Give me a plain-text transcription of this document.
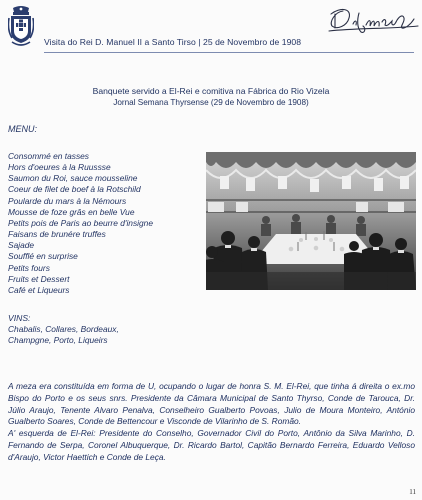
Visita do Rei D. Manuel II a Santo Tirso | 25 de Novembro de 1908
Banquete servido a El-Rei e comitiva na Fábrica do Rio Vizela
Jornal Semana Thyrsense (29 de Novembro de 1908)
MENU:
Consommé en tasses
Hors d'oeures à la Ruussse
Saumon du Roi, sauce mousseline
Coeur de filet de boef à la Rotschild
Poularde du mars à la Némours
Mousse de foze grâs en belle Vue
Petits pois de Paris ao beurre d'insigne
Faisans de brunére truffes
Sajade
Soufflé en surprise
Petits fours
Fruits et Dessert
Café et Liqueurs
VINS:
Chabalis, Collares, Bordeaux,
Champgne, Porto, Liqueirs
A meza era constituída em forma de U, ocupando o lugar de honra S. M. El-Rei, que tinha á direita o ex.mo Bispo do Porto e os seus snrs. Presidente da Câmara Municipal de Santo Thyrso, Conde de Tarouca, Dr. Júlio Araujo, Tenente Alvaro Penalva, Conselheiro Gualberto Povoas, Julio de Moura Monteiro, António Gualberto Soares, Conde de Bettencour e Visconde de Vilarinho de S. Romão.
A' esquerda de El-Rei: Presidente do Conselho, Governador Civil do Porto, Antônio da Silva Marinho, D. Fernando de Serpa, Coronel Albuquerque, Dr. Ricardo Bartol, Capitão Bernardo Ferreira, Eduardo Velloso d'Araujo, Victor Haettich e Conde de Leça.
11
